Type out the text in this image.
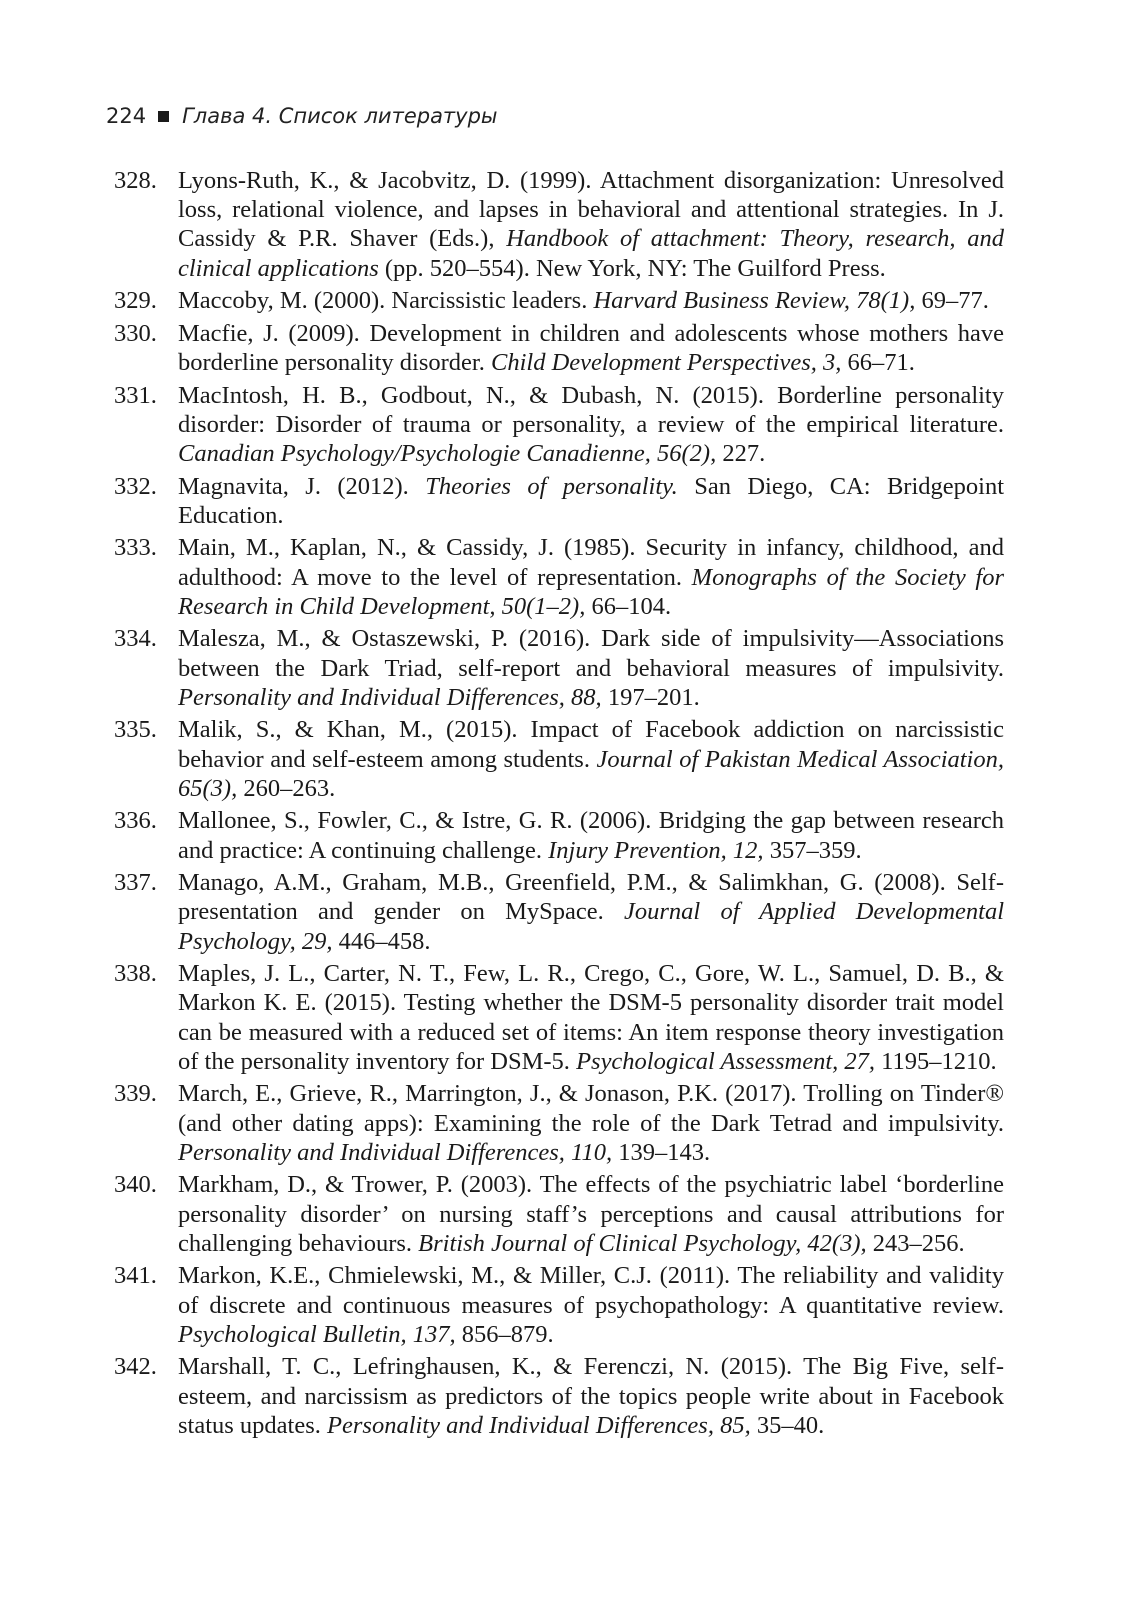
224 Глава 4. Список литературы
328. Lyons-Ruth, K., & Jacobvitz, D. (1999). Attachment disorganization: Unresolved loss, relational violence, and lapses in behavioral and attentional strategies. In J. Cassidy & P.R. Shaver (Eds.), Handbook of attachment: Theory, research, and clinical applications (pp. 520–554). New York, NY: The Guilford Press.
329. Maccoby, M. (2000). Narcissistic leaders. Harvard Business Review, 78(1), 69–77.
330. Macfie, J. (2009). Development in children and adolescents whose mothers have borderline personality disorder. Child Development Perspectives, 3, 66–71.
331. MacIntosh, H. B., Godbout, N., & Dubash, N. (2015). Borderline personality disorder: Disorder of trauma or personality, a review of the empirical literature. Canadian Psychology/Psychologie Canadienne, 56(2), 227.
332. Magnavita, J. (2012). Theories of personality. San Diego, CA: Bridgepoint Education.
333. Main, M., Kaplan, N., & Cassidy, J. (1985). Security in infancy, childhood, and adulthood: A move to the level of representation. Monographs of the Society for Research in Child Development, 50(1–2), 66–104.
334. Malesza, M., & Ostaszewski, P. (2016). Dark side of impulsivity—Associations between the Dark Triad, self-report and behavioral measures of impulsivity. Personality and Individual Differences, 88, 197–201.
335. Malik, S., & Khan, M., (2015). Impact of Facebook addiction on narcissistic behavior and self-esteem among students. Journal of Pakistan Medical Association, 65(3), 260–263.
336. Mallonee, S., Fowler, C., & Istre, G. R. (2006). Bridging the gap between research and practice: A continuing challenge. Injury Prevention, 12, 357–359.
337. Manago, A.M., Graham, M.B., Greenfield, P.M., & Salimkhan, G. (2008). Self-presentation and gender on MySpace. Journal of Applied Developmental Psychology, 29, 446–458.
338. Maples, J. L., Carter, N. T., Few, L. R., Crego, C., Gore, W. L., Samuel, D. B., & Markon K. E. (2015). Testing whether the DSM-5 personality disorder trait model can be measured with a reduced set of items: An item response theory investigation of the personality inventory for DSM-5. Psychological Assessment, 27, 1195–1210.
339. March, E., Grieve, R., Marrington, J., & Jonason, P.K. (2017). Trolling on Tinder® (and other dating apps): Examining the role of the Dark Tetrad and impulsivity. Personality and Individual Differences, 110, 139–143.
340. Markham, D., & Trower, P. (2003). The effects of the psychiatric label ‘borderline personality disorder’ on nursing staff’s perceptions and causal attributions for challenging behaviours. British Journal of Clinical Psychology, 42(3), 243–256.
341. Markon, K.E., Chmielewski, M., & Miller, C.J. (2011). The reliability and validity of discrete and continuous measures of psychopathology: A quantitative review. Psychological Bulletin, 137, 856–879.
342. Marshall, T. C., Lefringhausen, K., & Ferenczi, N. (2015). The Big Five, self-esteem, and narcissism as predictors of the topics people write about in Facebook status updates. Personality and Individual Differences, 85, 35–40.
